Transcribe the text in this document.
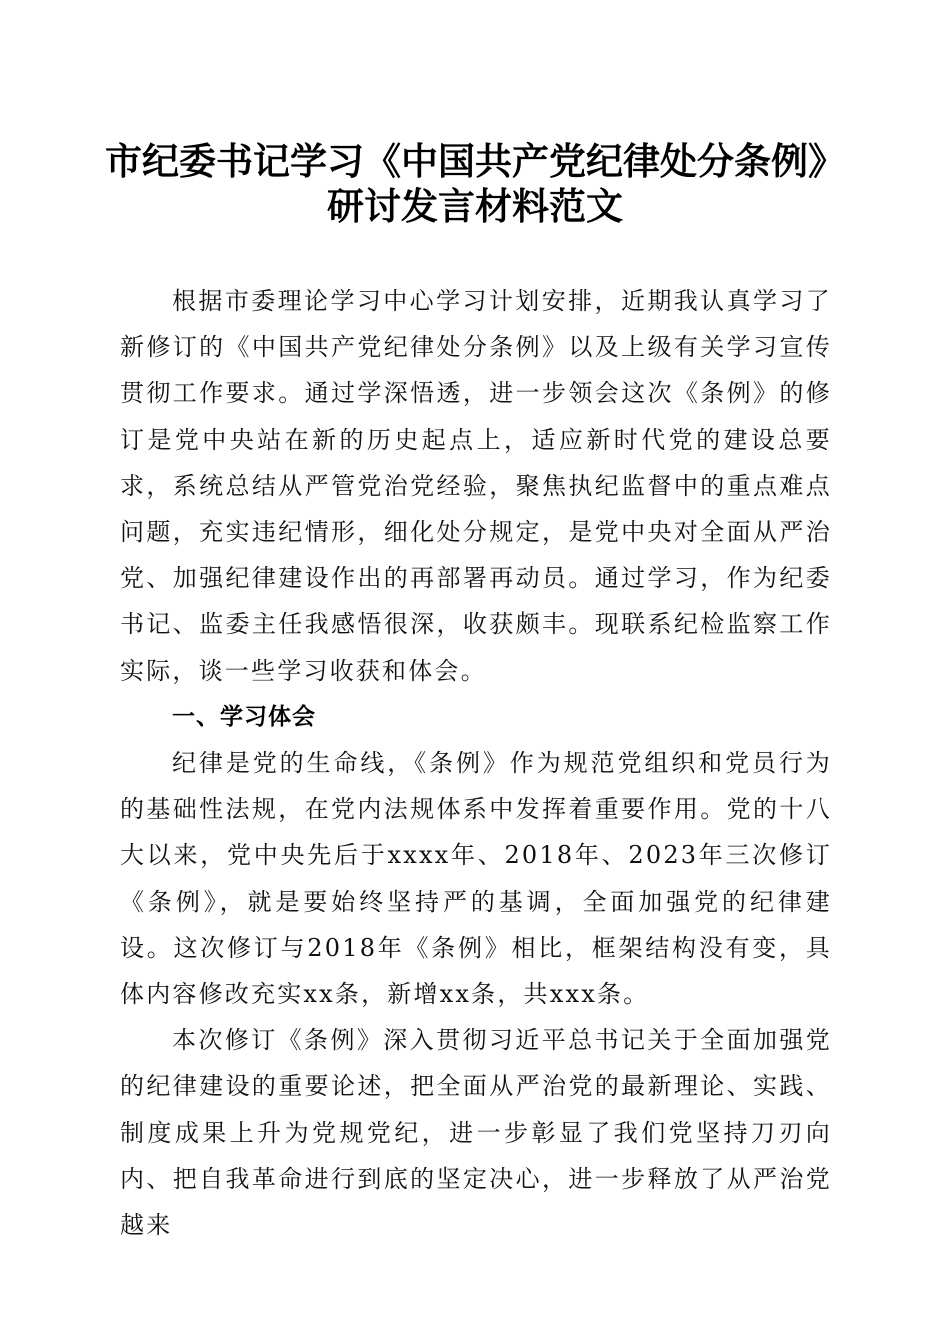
市纪委书记学习《中国共产党纪律处分条例》
研讨发言材料范文

根据市委理论学习中心学习计划安排，近期我认真学习了新修订的《中国共产党纪律处分条例》以及上级有关学习宣传贯彻工作要求。通过学深悟透，进一步领会这次《条例》的修订是党中央站在新的历史起点上，适应新时代党的建设总要求，系统总结从严管党治党经验，聚焦执纪监督中的重点难点问题，充实违纪情形，细化处分规定，是党中央对全面从严治党、加强纪律建设作出的再部署再动员。通过学习，作为纪委书记、监委主任我感悟很深，收获颇丰。现联系纪检监察工作实际，谈一些学习收获和体会。

一、学习体会

纪律是党的生命线，《条例》作为规范党组织和党员行为的基础性法规，在党内法规体系中发挥着重要作用。党的十八大以来，党中央先后于xxxx年、2018年、2023年三次修订《条例》，就是要始终坚持严的基调，全面加强党的纪律建设。这次修订与2018年《条例》相比，框架结构没有变，具体内容修改充实xx条，新增xx条，共xxx条。

本次修订《条例》深入贯彻习近平总书记关于全面加强党的纪律建设的重要论述，把全面从严治党的最新理论、实践、制度成果上升为党规党纪，进一步彰显了我们党坚持刀刃向内、把自我革命进行到底的坚定决心，进一步释放了从严治党越来
